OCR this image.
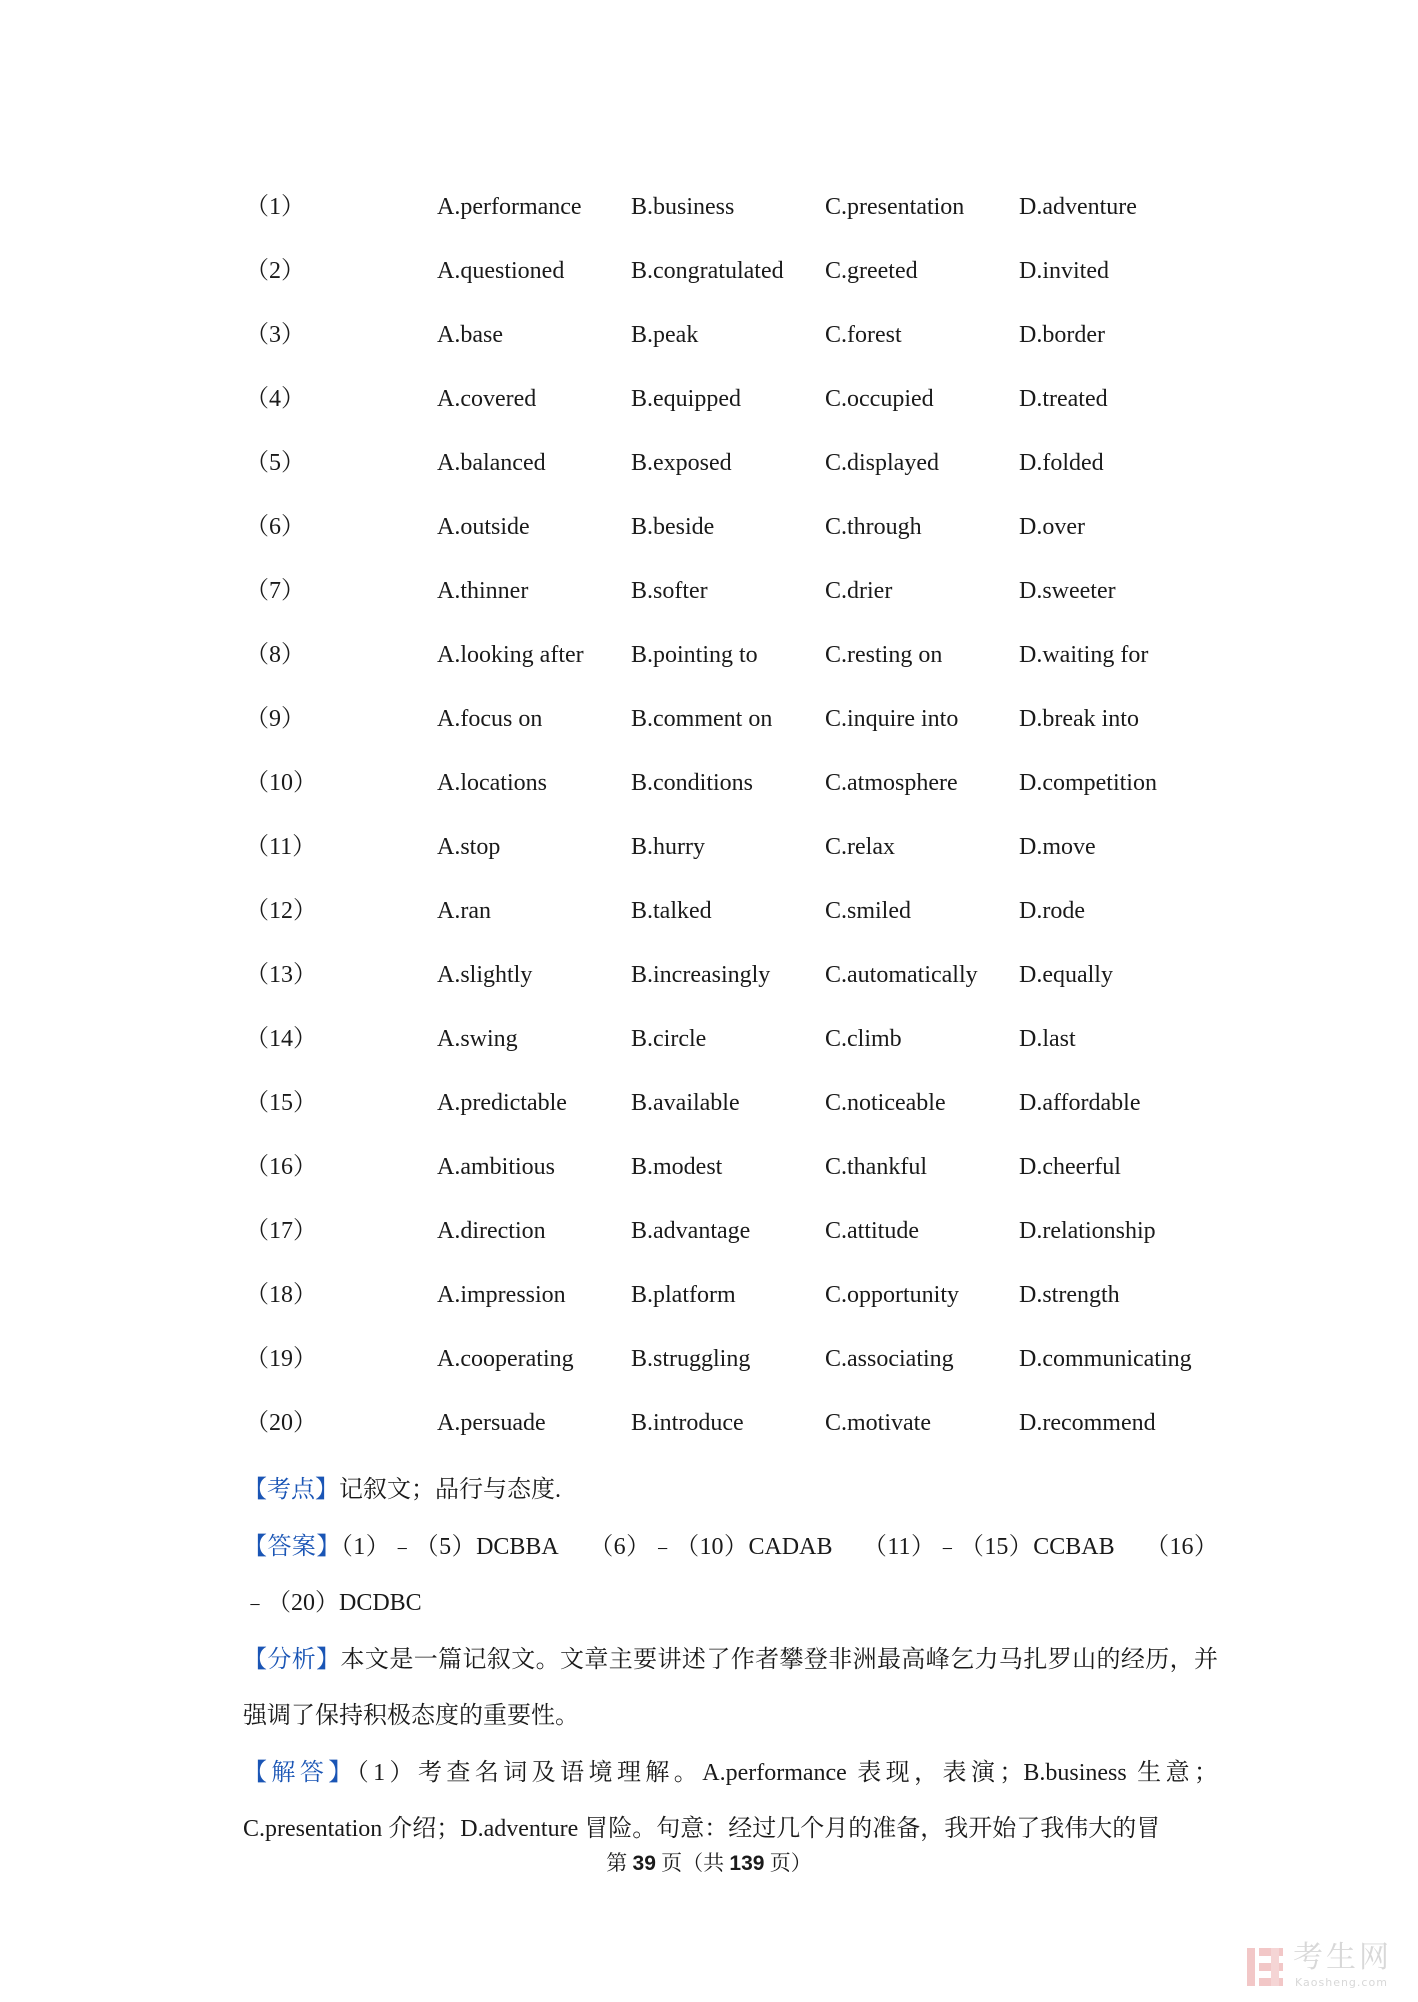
（1）	A.performance B.business	C.presentation D.adventure
（2）	A.questioned	B.congratulated C.greeted	D.invited
（3）	A.base	B.peak	C.forest	D.border
（4）	A.covered	B.equipped	C.occupied	D.treated
（5）	A.balanced	B.exposed	C.displayed	D.folded
（6）	A.outside	B.beside	C.through	D.over
（7）	A.thinner	B.softer	C.drier	D.sweeter
（8）	A.looking after B.pointing to	C.resting on	D.waiting for
（9）	A.focus on	B.comment on C.inquire into	D.break into
（10）	A.locations	B.conditions	C.atmosphere	D.competition
（11）	A.stop	B.hurry	C.relax	D.move
（12）	A.ran	B.talked	C.smiled	D.rode
（13）	A.slightly	B.increasingly C.automatically D.equally
（14）	A.swing	B.circle	C.climb	D.last
（15）	A.predictable	B.available	C.noticeable	D.affordable
（16）	A.ambitious	B.modest	C.thankful	D.cheerful
（17）	A.direction	B.advantage	C.attitude	D.relationship
（18）	A.impression	B.platform	C.opportunity D.strength
（19）	A.cooperating B.struggling	C.associating	D.communicating
（20）	A.persuade	B.introduce	C.motivate	D.recommend

【考点】记叙文；品行与态度.

【答案】（1）﹣（5）DCBBA （6）﹣（10）CADAB （11）﹣（15）CCBAB （16）﹣（20）DCDBC

【分析】本文是一篇记叙文。文章主要讲述了作者攀登非洲最高峰乞力马扎罗山的经历，并强调了保持积极态度的重要性。

【解答】（1）考查名词及语境理解。A.performance 表现，表演；B.business 生意；C.presentation 介绍；D.adventure 冒险。句意：经过几个月的准备，我开始了我伟大的冒

第 39 页（共 139 页）
考生网
Kaosheng.com
